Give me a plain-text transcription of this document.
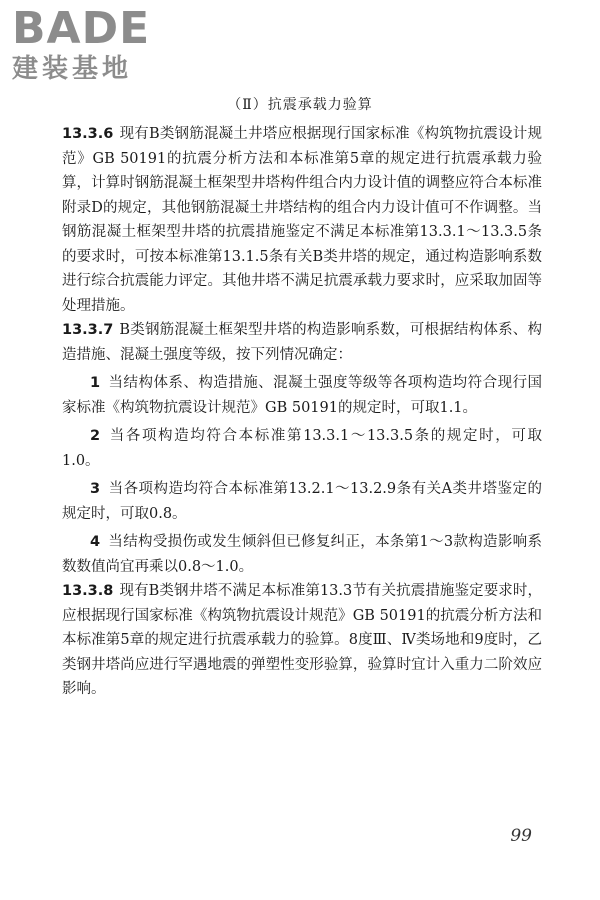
BADE
建装基地
（Ⅱ）抗震承载力验算

13.3.6 现有B类钢筋混凝土井塔应根据现行国家标准《构筑物抗震设计规范》GB 50191的抗震分析方法和本标准第5章的规定进行抗震承载力验算，计算时钢筋混凝土框架型井塔构件组合内力设计值的调整应符合本标准附录D的规定，其他钢筋混凝土井塔结构的组合内力设计值可不作调整。当钢筋混凝土框架型井塔的抗震措施鉴定不满足本标准第13.3.1～13.3.5条的要求时，可按本标准第13.1.5条有关B类井塔的规定，通过构造影响系数进行综合抗震能力评定。其他井塔不满足抗震承载力要求时，应采取加固等处理措施。

13.3.7 B类钢筋混凝土框架型井塔的构造影响系数，可根据结构体系、构造措施、混凝土强度等级，按下列情况确定：

1 当结构体系、构造措施、混凝土强度等级等各项构造均符合现行国家标准《构筑物抗震设计规范》GB 50191的规定时，可取1.1。

2 当各项构造均符合本标准第13.3.1～13.3.5条的规定时，可取1.0。

3 当各项构造均符合本标准第13.2.1～13.2.9条有关A类井塔鉴定的规定时，可取0.8。

4 当结构受损伤或发生倾斜但已修复纠正，本条第1～3款构造影响系数数值尚宜再乘以0.8～1.0。

13.3.8 现有B类钢井塔不满足本标准第13.3节有关抗震措施鉴定要求时，应根据现行国家标准《构筑物抗震设计规范》GB 50191的抗震分析方法和本标准第5章的规定进行抗震承载力的验算。8度Ⅲ、Ⅳ类场地和9度时，乙类钢井塔尚应进行罕遇地震的弹塑性变形验算，验算时宜计入重力二阶效应影响。

99
